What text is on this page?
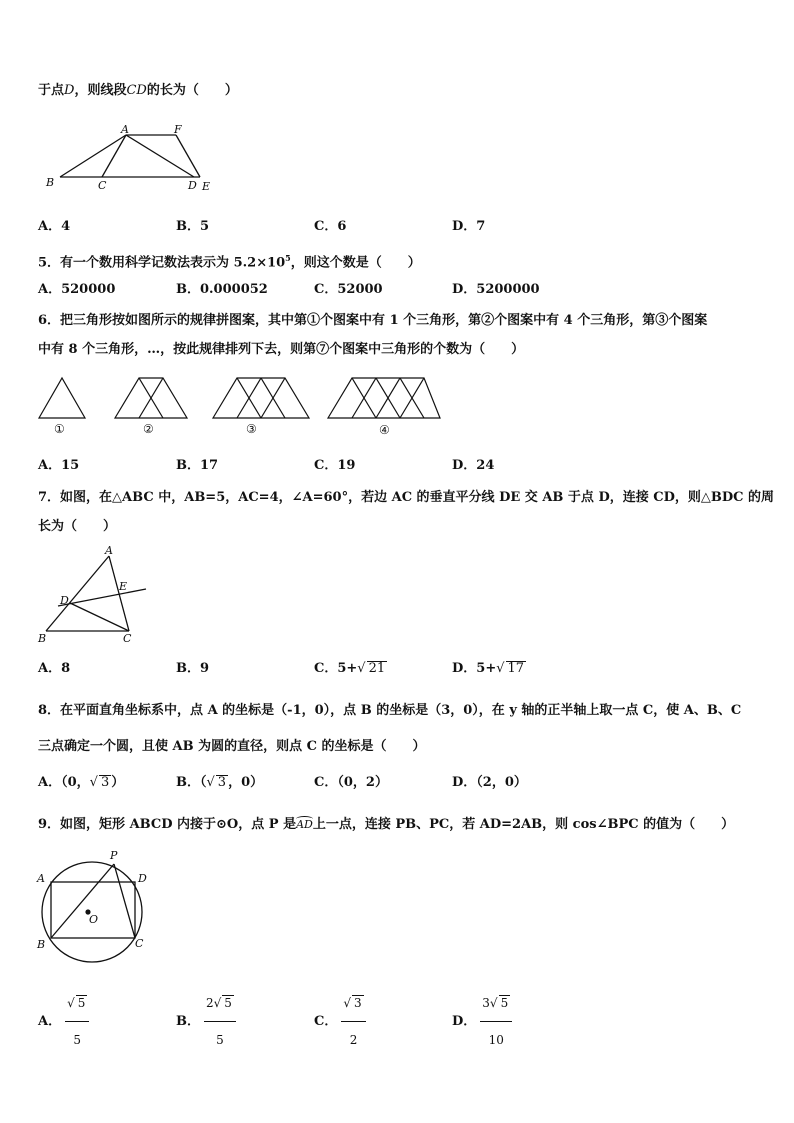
于点D，则线段CD的长为（　　）
A	F
B	C	D E
A．4	B．5	C．6	D．7
5．有一个数用科学记数法表示为 $5.2\times 10^5$，则这个数是（　　）
A．520000	B．0.000052	C．52000	D．5200000
6．把三角形按如图所示的规律拼图案，其中第①个图案中有 1 个三角形，第②个图案中有 4 个三角形，第③个图案
中有 8 个三角形，…，按此规律排列下去，则第⑦个图案中三角形的个数为（　　）
①	②	③	④
A．15	B．17	C．19	D．24
7．如图，在△ABC 中，AB=5，AC=4，∠A=60°，若边 AC 的垂直平分线 DE 交 AB 于点 D，连接 CD，则△BDC 的周
长为（　　）
A
E
D
B	C
A．8	B．9	C．5+√ 21	D．5+√ 17
8．在平面直角坐标系中，点 A 的坐标是（-1，0），点 B 的坐标是（3，0），在 y 轴的正半轴上取一点 C，使 A、B、C
三点确定一个圆，且使 AB 为圆的直径，则点 C 的坐标是（　　）
A．（0，√ 3 ）	B．（√ 3 ，0）	C．（0，2）	D．（2，0）
9．如图，矩形 ABCD 内接于⊙O，点 P 是AD上一点，连接 PB、PC，若 AD=2AB，则 cos∠BPC 的值为（　　）
P
A	D
O
B	C
A． $\frac{√ 5}{5}$	B． $\frac{2√ 5}{5}$	C． $\frac{√ 3}{2}$	D． $\frac{3√ 5}{10}$
